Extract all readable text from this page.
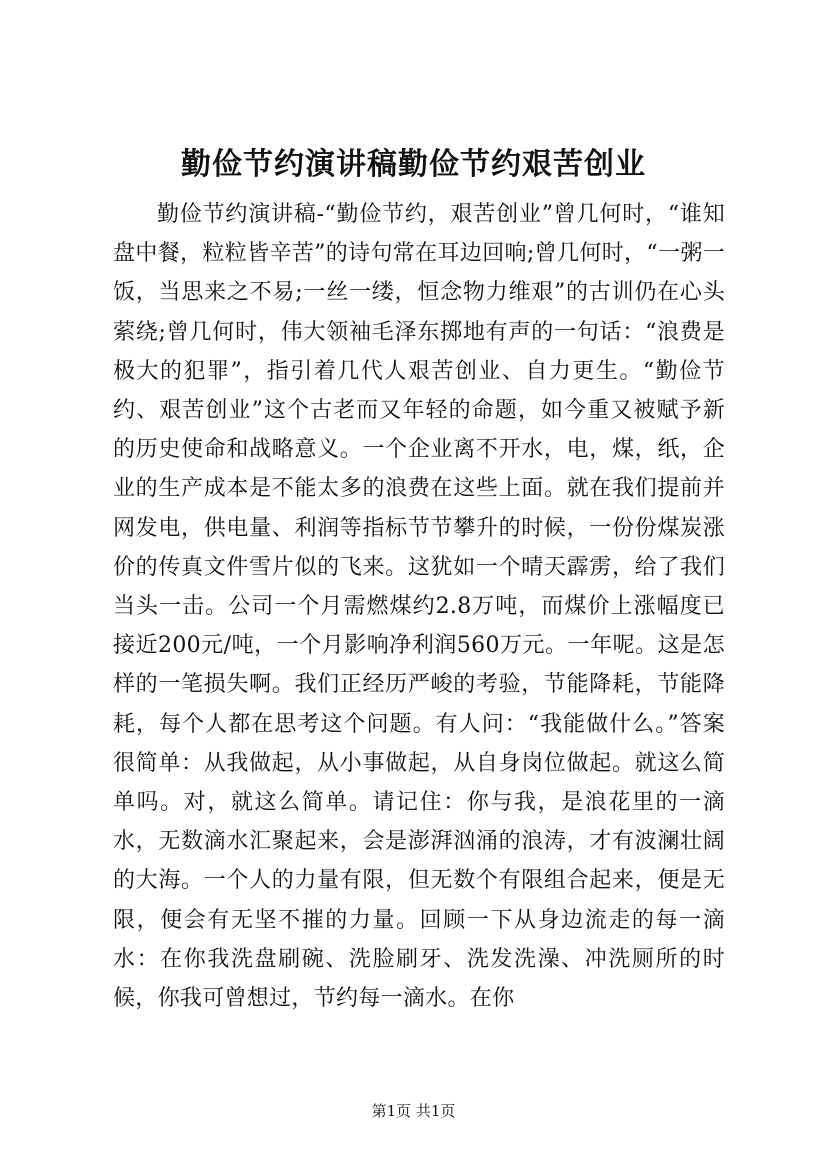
勤俭节约演讲稿勤俭节约艰苦创业

勤俭节约演讲稿-“勤俭节约，艰苦创业”曾几何时，“谁知盘中餐，粒粒皆辛苦”的诗句常在耳边回响;曾几何时，“一粥一饭，当思来之不易;一丝一缕，恒念物力维艰”的古训仍在心头萦绕;曾几何时，伟大领袖毛泽东掷地有声的一句话：“浪费是极大的犯罪”，指引着几代人艰苦创业、自力更生。“勤俭节约、艰苦创业”这个古老而又年轻的命题，如今重又被赋予新的历史使命和战略意义。一个企业离不开水，电，煤，纸，企业的生产成本是不能太多的浪费在这些上面。就在我们提前并网发电，供电量、利润等指标节节攀升的时候，一份份煤炭涨价的传真文件雪片似的飞来。这犹如一个晴天霹雳，给了我们当头一击。公司一个月需燃煤约2.8万吨，而煤价上涨幅度已接近200元/吨，一个月影响净利润560万元。一年呢。这是怎样的一笔损失啊。我们正经历严峻的考验，节能降耗，节能降耗，每个人都在思考这个问题。有人问：“我能做什么。”答案很简单：从我做起，从小事做起，从自身岗位做起。就这么简单吗。对，就这么简单。请记住：你与我，是浪花里的一滴水，无数滴水汇聚起来，会是澎湃汹涌的浪涛，才有波澜壮阔的大海。一个人的力量有限，但无数个有限组合起来，便是无限，便会有无坚不摧的力量。回顾一下从身边流走的每一滴水：在你我洗盘刷碗、洗脸刷牙、洗发洗澡、冲洗厕所的时候，你我可曾想过，节约每一滴水。在你

第1页 共1页
